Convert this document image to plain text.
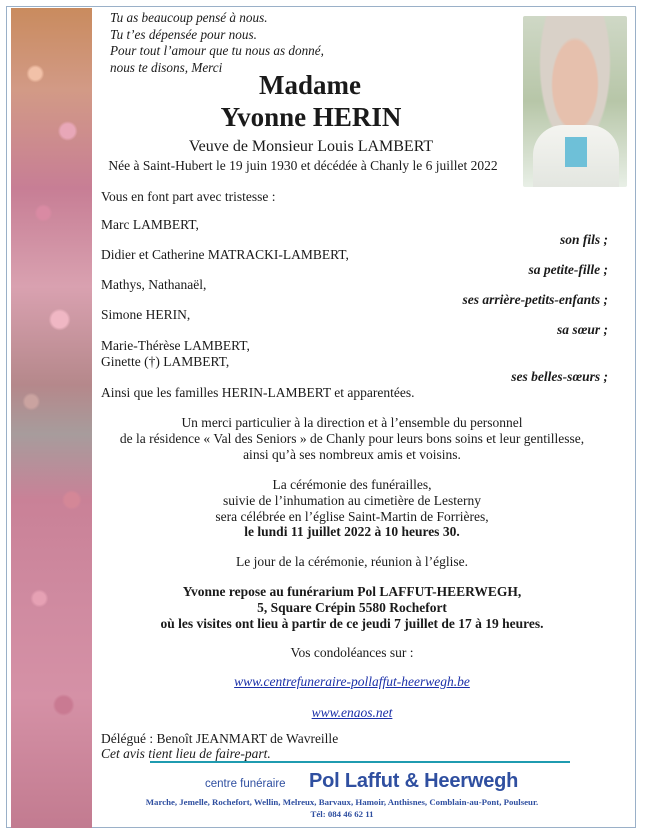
Tu as beaucoup pensé à nous.
Tu t’es dépensée pour nous.
Pour tout l’amour que tu nous as donné,
nous te disons, Merci
Madame
Yvonne HERIN
Veuve de Monsieur Louis LAMBERT
Née à Saint-Hubert le 19 juin 1930 et décédée à Chanly le 6 juillet 2022
Vous en font part avec tristesse :
Marc LAMBERT,
son fils ;
Didier et Catherine MATRACKI-LAMBERT,
sa petite-fille ;
Mathys, Nathanaël,
ses arrière-petits-enfants ;
Simone HERIN,
sa sœur ;
Marie-Thérèse LAMBERT,
Ginette (†) LAMBERT,
ses belles-sœurs ;
Ainsi que les familles HERIN-LAMBERT et apparentées.
Un merci particulier à la direction et à l’ensemble du personnel
de la résidence « Val des Seniors » de Chanly pour leurs bons soins et leur gentillesse,
ainsi qu’à ses nombreux amis et voisins.
La cérémonie des funérailles,
suivie de l’inhumation au cimetière de Lesterny
sera célébrée en l’église Saint-Martin de Forrières,
le lundi 11 juillet 2022 à 10 heures 30.
Le jour de la cérémonie, réunion à l’église.
Yvonne repose au funérarium Pol LAFFUT-HEERWEGH,
5, Square Crépin 5580 Rochefort
où les visites ont lieu à partir de ce jeudi 7 juillet de 17 à 19 heures.
Vos condoléances sur :
www.centrefuneraire-pollaffut-heerwegh.be
www.enaos.net
Délégué : Benoît JEANMART de Wavreille
Cet avis tient lieu de faire-part.
centre funéraire Pol Laffut & Heerwegh
Marche, Jemelle, Rochefort, Wellin, Melreux, Barvaux, Hamoir, Anthisnes, Comblain-au-Pont, Poulseur.
Tél: 084 46 62 11
